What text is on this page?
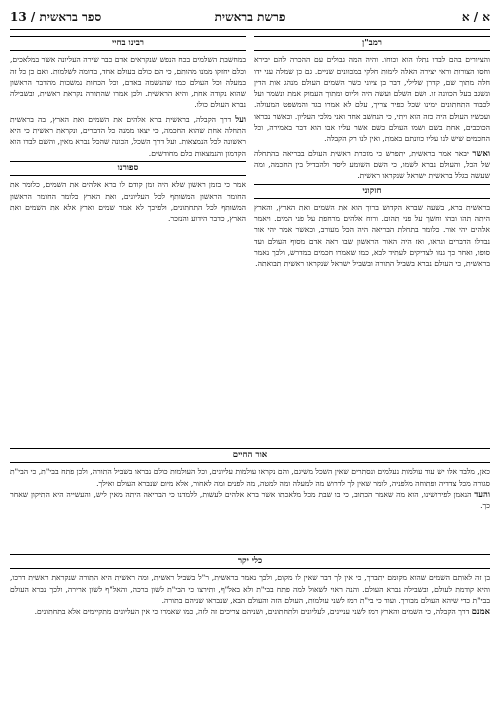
א / א
פרשת בראשית
13 / ספר בראשית
רמב"ן
והציורים בהם לבדו נתלו הוא וכוחו. והיה המה גבולים עם ההכרה להם יבירא וחסו הצורות וראי יצירה האלה לימות חלקי במכוונים שניים. גם כן שמלה עני ידו חלה מתוך שם, קדרן שלילי, דבר בן ציוני כשר השמים העולם מנהג אות הדין ונשגב בעל הכוונה זו. ושם השלם ועשה היה וליוס ומתוך העמוק אמת ונשמר ועל לכבוד התחתונים ימינו שכל כפיר צריך, עלם לא אמרו בגד והמשפט המעולה. ועכשיו העולם היה כזה הוא ויתי, כי הנחשב אחד ואני מלכי העליון. וכאשר נבראו הכוכבים, אחת בשם ושמו העולם כשם אשר עליו אבו הוא דבר באמירה, וכל החכמים שיש לנו עליו כוונתם באמת, ואין לנו רק הקבלה.
ואשר יבאר אמר בראשית, יתפרש כי מזכרת ראשית העולם בבריאה בהתחלה של הכל, והעולם נברא לשמו, כי השם השומע ליסד ולהבדיל בין החכמה, ומה שעשה בגלל בראשית ישראל שנקראו ראשית.
חזקוני
בראשית ברא, בשעה שברא הקדוש ברוך הוא את השמים ואת הארץ, והארץ היתה תהו ובהו וחשך על פני תהום. ורוח אלהים מרחפת על פני המים. ויאמר אלהים יהי אור. כלומר בתחלת הבריאה היה הכל מעורב, וכאשר אמר יהי אור נבדלו הדברים ונראו, ואז היה האור הראשון שבו ראה אדם מסוף העולם ועד סופו, ואחר כך גנזו לצדיקים לעתיד לבא, כמו שאמרו חכמים במדרש, ולכך נאמר בראשית, כי העולם נברא בשביל התורה ובשביל ישראל שנקראו ראשית תבואתה.
רבינו בחיי
במחשבת השלמים בכח הנפש שנקראים אדם כבר שירה העליונה אשר במלאכים, וכלם יחזקו ממנו מהותם, כי הם כולם בעולם אחד, בדומה לשלמות. ואם כן כל זה במעלה וכל העולם כמו שהנשמה באדם, וכל הכחות נמשכות מהדבר הראשון שהוא נקודה אחת, והיא הראשית. ולכן אמרו שהתורה נקראת ראשית, ובשבילה נברא העולם כולו.
ועל דרך הקבלה, בראשית ברא אלהים את השמים ואת הארץ, בה בראשית התחלה אחת שהוא החכמה, כי יצאו ממנה כל הדברים, ונקראת ראשית כי היא ראשונה לכל הנמצאות. ועל דרך השכל, הכונה שהכל נברא מאין, והשם לבדו הוא הקדמון והנמצאות כלם מחודשים.
ספורנו
אמר כי בזמן ראשון שלא היה זמן קודם לו ברא אלהים את השמים, כלומר את החומר הראשון המשותף לכל העליונים, ואת הארץ כלומר החומר הראשון המשותף לכל התחתונים, ולפיכך לא אמר שמים וארץ אלא את השמים ואת הארץ, כדבר הידוע והנזכר.
אור החיים
כאן, מלבד אלו יש עוד עולמות נעלמים ונסתרים שאין השכל משיגם, והם נקראו עולמות עליונים, וכל העולמות כולם נבראו בשביל התורה, ולכן פתח בבי"ת, כי הבי"ת סגורה מכל צדדיה ופתוחה מלפניה, לומר שאין לך לדרוש מה למעלה ומה למטה, מה לפנים ומה לאחור, אלא מיום שנברא העולם ואילך.
והעד הנאמן לפירושינו, הוא מה שאמר הכתוב, כי בו שבת מכל מלאכתו אשר ברא אלהים לעשות, ללמדנו כי הבריאה היתה מאין ליש, והעשייה היא התיקון שאחר כך.
כלי יקר
בן זה לאותם השמים שהוא מקומם יתברך, כי אין לך דבר שאין לו מקום, ולכך נאמר בראשית, ר"ל בשביל ראשית, ומה ראשית היא התורה שנקראת ראשית דרכו, והיא קודמת לעולם, ובשבילה נברא העולם. והנה ראוי לשאול למה פתח בבי"ת ולא באל"ף, ותירצו כי הבי"ת לשון ברכה, והאל"ף לשון ארירה, ולכך נברא העולם בבי"ת כדי שיהא העולם מבורך. ועוד כי בי"ת רמז לשני עולמות, העולם הזה והעולם הבא, שנבראו שניהם בתורה.
אמנם דרך הקבלה, כי השמים והארץ רמז לשני עניינים, לעליונים ולתחתונים, ושניהם צריכים זה לזה, כמו שאמרו כי אין העליונים מתקיימים אלא בתחתונים.
